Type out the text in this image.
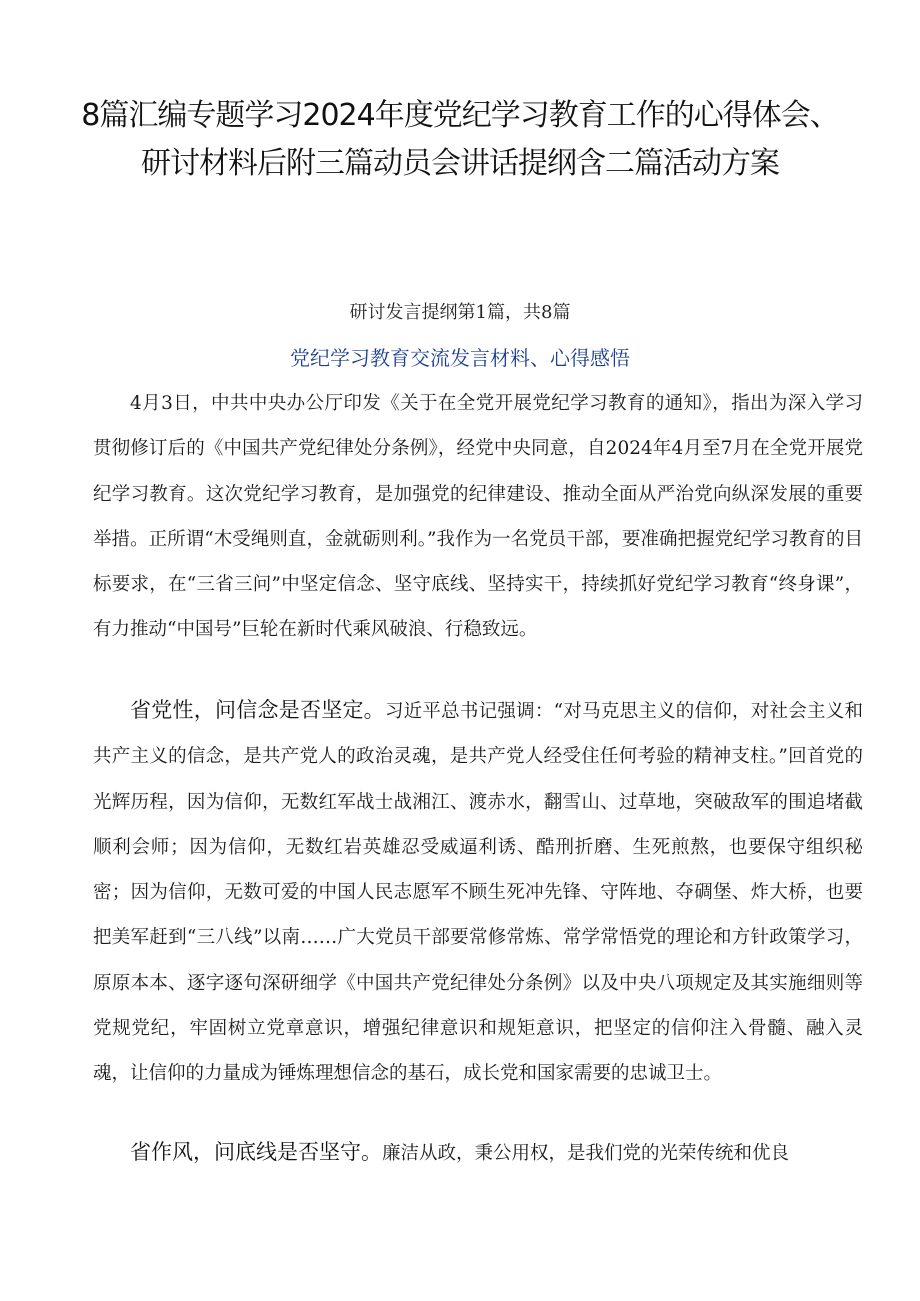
8篇汇编专题学习2024年度党纪学习教育工作的心得体会、研讨材料后附三篇动员会讲话提纲含二篇活动方案
研讨发言提纲第1篇，共8篇
党纪学习教育交流发言材料、心得感悟

4月3日，中共中央办公厅印发《关于在全党开展党纪学习教育的通知》，指出为深入学习贯彻修订后的《中国共产党纪律处分条例》，经党中央同意，自2024年4月至7月在全党开展党纪学习教育。这次党纪学习教育，是加强党的纪律建设、推动全面从严治党向纵深发展的重要举措。正所谓“木受绳则直，金就砺则利。”我作为一名党员干部，要准确把握党纪学习教育的目标要求，在“三省三问”中坚定信念、坚守底线、坚持实干，持续抓好党纪学习教育“终身课”，有力推动“中国号”巨轮在新时代乘风破浪、行稳致远。

省党性，问信念是否坚定。习近平总书记强调：“对马克思主义的信仰，对社会主义和共产主义的信念，是共产党人的政治灵魂，是共产党人经受住任何考验的精神支柱。”回首党的光辉历程，因为信仰，无数红军战士战湘江、渡赤水，翻雪山、过草地，突破敌军的围追堵截顺利会师；因为信仰，无数红岩英雄忍受威逼利诱、酷刑折磨、生死煎熬，也要保守组织秘密；因为信仰，无数可爱的中国人民志愿军不顾生死冲先锋、守阵地、夺碉堡、炸大桥，也要把美军赶到“三八线”以南……广大党员干部要常修常炼、常学常悟党的理论和方针政策学习，原原本本、逐字逐句深研细学《中国共产党纪律处分条例》以及中央八项规定及其实施细则等党规党纪，牢固树立党章意识，增强纪律意识和规矩意识，把坚定的信仰注入骨髓、融入灵魂，让信仰的力量成为锤炼理想信念的基石，成长党和国家需要的忠诚卫士。

省作风，问底线是否坚守。廉洁从政，秉公用权，是我们党的光荣传统和优良
